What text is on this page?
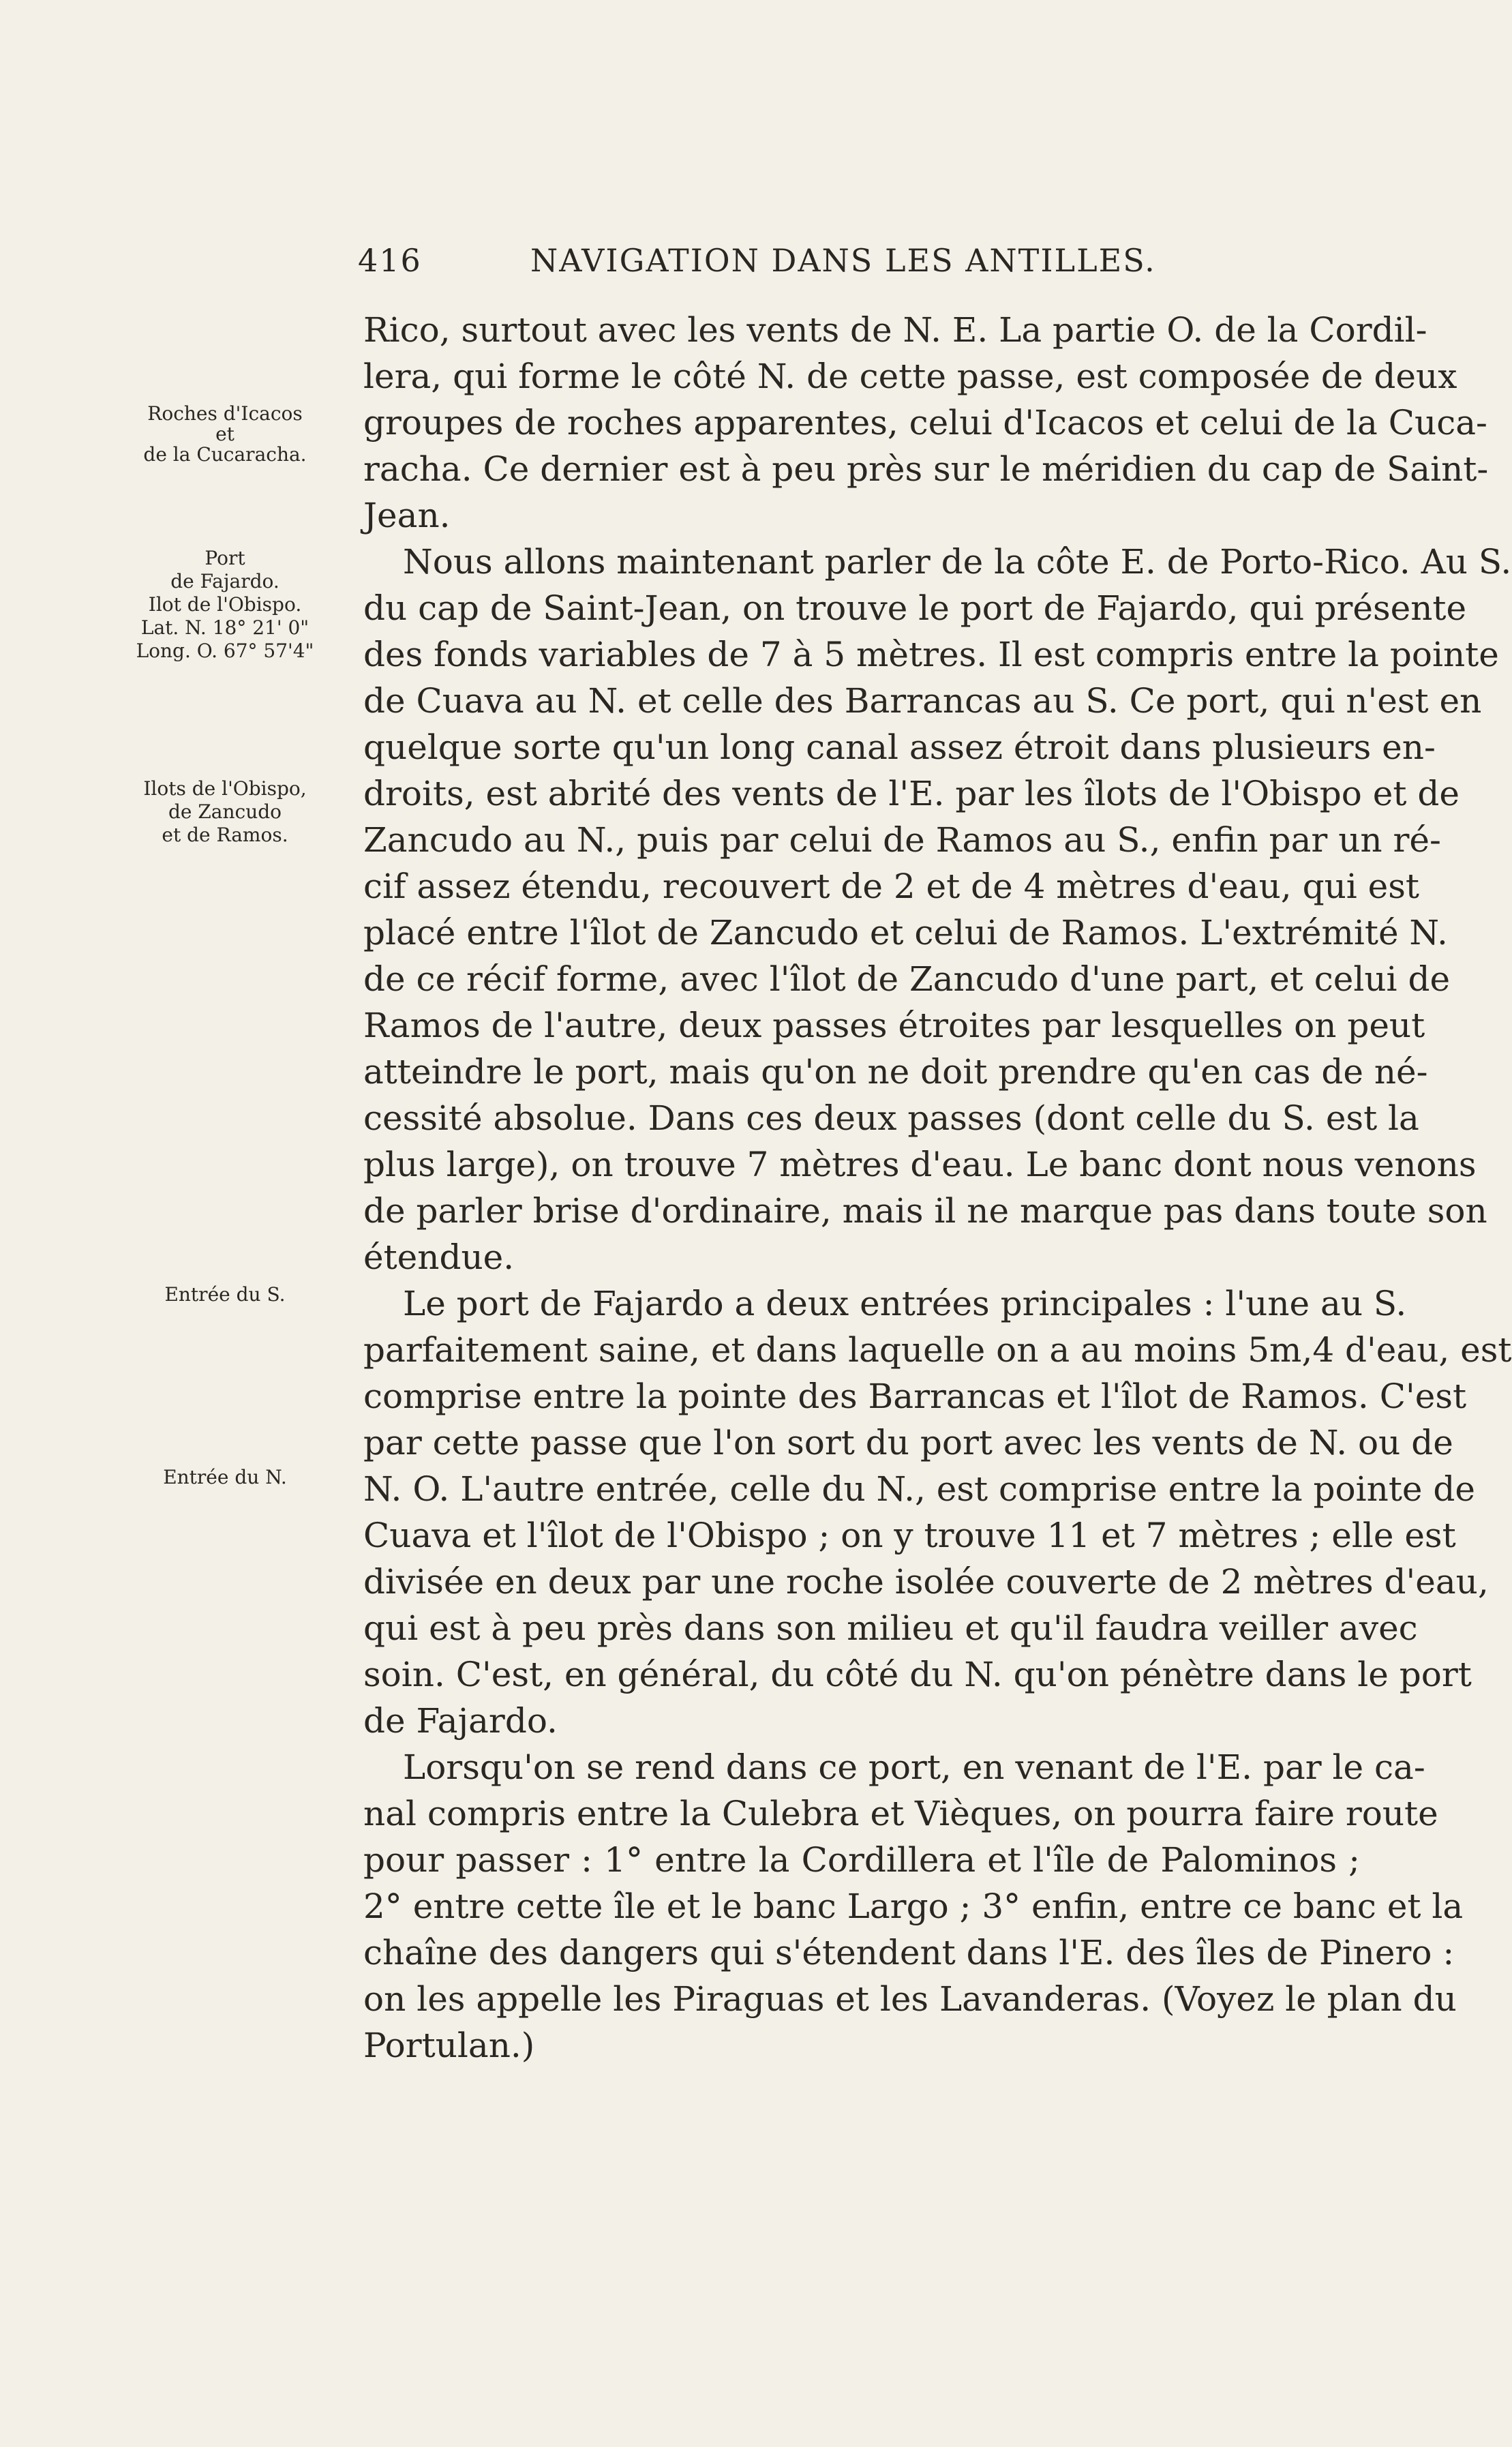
416	NAVIGATION DANS LES ANTILLES.
Roches d'Icacos
et
de la Cucaracha.
Port
de Fajardo.
Ilot de l'Obispo.
Lat. N. 18° 21' 0"
Long. O. 67° 57'4"
Ilots de l'Obispo,
de Zancudo
et de Ramos.
Entrée du S.
Entrée du N.
Rico, surtout avec les vents de N. E. La partie O. de la Cordil-
lera, qui forme le côté N. de cette passe, est composée de deux
groupes de roches apparentes, celui d'Icacos et celui de la Cuca-
racha. Ce dernier est à peu près sur le méridien du cap de Saint-
Jean.
Nous allons maintenant parler de la côte E. de Porto-Rico. Au S.
du cap de Saint-Jean, on trouve le port de Fajardo, qui présente
des fonds variables de 7 à 5 mètres. Il est compris entre la pointe
de Cuava au N. et celle des Barrancas au S. Ce port, qui n'est en
quelque sorte qu'un long canal assez étroit dans plusieurs en-
droits, est abrité des vents de l'E. par les îlots de l'Obispo et de
Zancudo au N., puis par celui de Ramos au S., enfin par un ré-
cif assez étendu, recouvert de 2 et de 4 mètres d'eau, qui est
placé entre l'îlot de Zancudo et celui de Ramos. L'extrémité N.
de ce récif forme, avec l'îlot de Zancudo d'une part, et celui de
Ramos de l'autre, deux passes étroites par lesquelles on peut
atteindre le port, mais qu'on ne doit prendre qu'en cas de né-
cessité absolue. Dans ces deux passes (dont celle du S. est la
plus large), on trouve 7 mètres d'eau. Le banc dont nous venons
de parler brise d'ordinaire, mais il ne marque pas dans toute son
étendue.
Le port de Fajardo a deux entrées principales : l'une au S.
parfaitement saine, et dans laquelle on a au moins 5m,4 d'eau, est
comprise entre la pointe des Barrancas et l'îlot de Ramos. C'est
par cette passe que l'on sort du port avec les vents de N. ou de
N. O. L'autre entrée, celle du N., est comprise entre la pointe de
Cuava et l'îlot de l'Obispo ; on y trouve 11 et 7 mètres ; elle est
divisée en deux par une roche isolée couverte de 2 mètres d'eau,
qui est à peu près dans son milieu et qu'il faudra veiller avec
soin. C'est, en général, du côté du N. qu'on pénètre dans le port
de Fajardo.
Lorsqu'on se rend dans ce port, en venant de l'E. par le ca-
nal compris entre la Culebra et Vièques, on pourra faire route
pour passer : 1° entre la Cordillera et l'île de Palominos ;
2° entre cette île et le banc Largo ; 3° enfin, entre ce banc et la
chaîne des dangers qui s'étendent dans l'E. des îles de Pinero :
on les appelle les Piraguas et les Lavanderas. (Voyez le plan du
Portulan.)
